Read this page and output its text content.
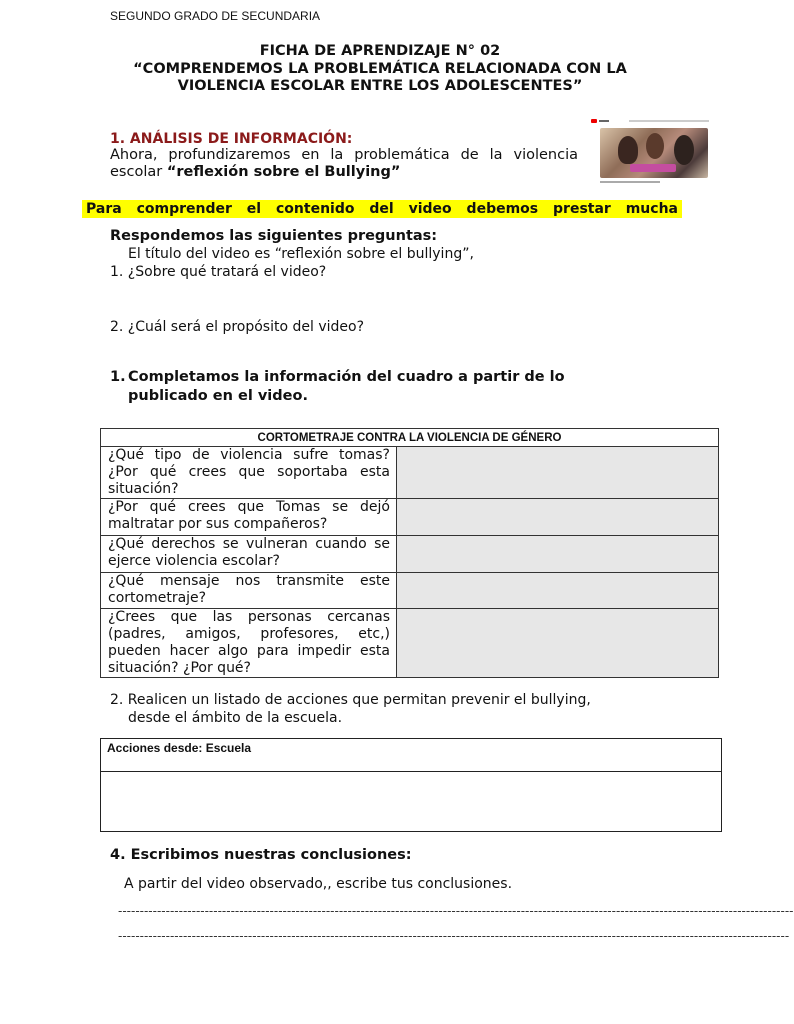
SEGUNDO GRADO DE SECUNDARIA
FICHA DE APRENDIZAJE N° 02
“COMPRENDEMOS LA PROBLEMÁTICA RELACIONADA CON LA
VIOLENCIA ESCOLAR ENTRE LOS ADOLESCENTES”
1. ANÁLISIS DE INFORMACIÓN:
Ahora, profundizaremos en la problemática de la violencia
escolar “reflexión sobre el Bullying”
Para comprender el contenido del video debemos prestar mucha
Respondemos las siguientes preguntas:
El título del video es “reflexión sobre el bullying”,
1. ¿Sobre qué tratará el video?
2. ¿Cuál será el propósito del video?
1. Completamos la información del cuadro a partir de lo
publicado en el video.
CORTOMETRAJE CONTRA LA VIOLENCIA DE GÉNERO	
¿Qué tipo de violencia sufre tomas? ¿Por qué crees que soportaba esta situación?	
¿Por qué crees que Tomas se dejó maltratar por sus compañeros?	
¿Qué derechos se vulneran cuando se ejerce violencia escolar?	
¿Qué mensaje nos transmite este cortometraje?	
¿Crees que las personas cercanas (padres, amigos, profesores, etc,) pueden hacer algo para impedir esta situación? ¿Por qué?	
2. Realicen un listado de acciones que permitan prevenir el bullying,
desde el ámbito de la escuela.
Acciones desde: Escuela
4. Escribimos nuestras conclusiones:
A partir del video observado,, escribe tus conclusiones.
------------------------------------------------------------------------------------------------------------------------------------------------------------
-----------------------------------------------------------------------------------------------------------------------------------------------------------
